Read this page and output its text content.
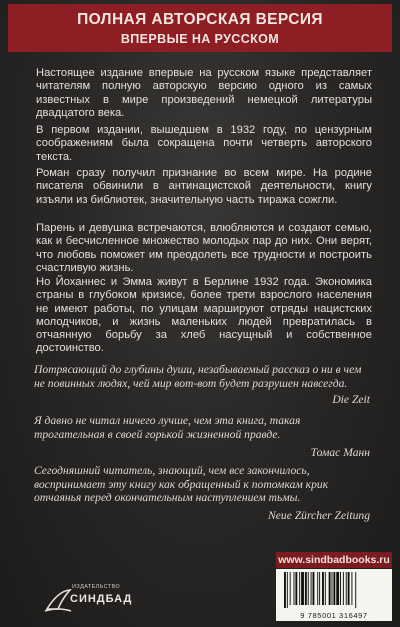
ПОЛНАЯ АВТОРСКАЯ ВЕРСИЯ
ВПЕРВЫЕ НА РУССКОМ

Настоящее издание впервые на русском языке представляет читателям полную авторскую версию одного из самых известных в мире произведений немецкой литературы двадцатого века.

В первом издании, вышедшем в 1932 году, по цензурным соображениям была сокращена почти четверть авторского текста.

Роман сразу получил признание во всем мире. На родине писателя обвинили в антинацистской деятельности, книгу изъяли из библиотек, значительную часть тиража сожгли.

Парень и девушка встречаются, влюбляются и создают семью, как и бесчисленное множество молодых пар до них. Они верят, что любовь поможет им преодолеть все трудности и построить счастливую жизнь.

Но Йоханнес и Эмма живут в Берлине 1932 года. Экономика страны в глубоком кризисе, более трети взрослого населения не имеют работы, по улицам маршируют отряды нацистских молодчиков, и жизнь маленьких людей превратилась в отчаянную борьбу за хлеб насущный и собственное достоинство.

Потрясающий до глубины души, незабываемый рассказ о ни в чем не повинных людях, чей мир вот-вот будет разрушен навсегда.

Die Zeit

Я давно не читал ничего лучше, чем эта книга, такая трогательная в своей горькой жизненной правде.

Томас Манн

Сегодняшний читатель, знающий, чем все закончилось, воспринимает эту книгу как обращенный к потомкам крик отчаянья перед окончательным наступлением тьмы.

Neue Zürcher Zeitung

ИЗДАТЕЛЬСТВО
СИНДБАД
www.sindbadbooks.ru
9 785001 316497
